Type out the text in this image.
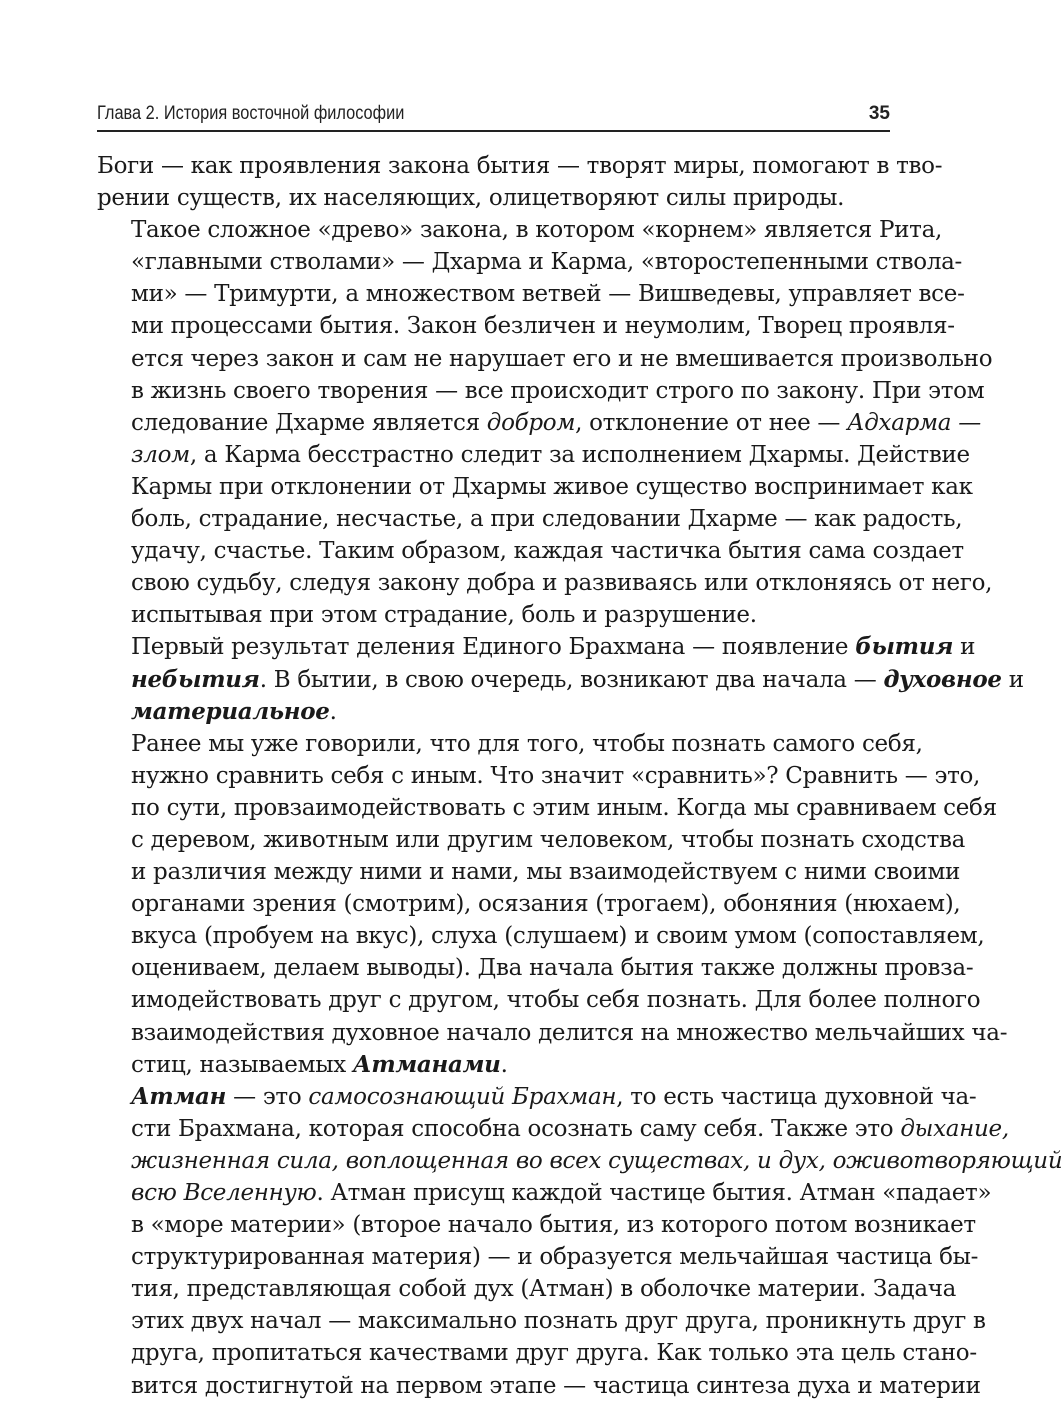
Глава 2. История восточной философии	35

Боги — как проявления закона бытия — творят миры, помогают в тво-
рении существ, их населяющих, олицетворяют силы природы.

Такое сложное «древо» закона, в котором «корнем» является Рита,
«главными стволами» — Дхарма и Карма, «второстепенными ствола-
ми» — Тримурти, а множеством ветвей — Вишведевы, управляет все-
ми процессами бытия. Закон безличен и неумолим, Творец проявля-
ется через закон и сам не нарушает его и не вмешивается произвольно
в жизнь своего творения — все происходит строго по закону. При этом
следование Дхарме является добром, отклонение от нее — Адхарма —
злом, а Карма бесстрастно следит за исполнением Дхармы. Действие
Кармы при отклонении от Дхармы живое существо воспринимает как
боль, страдание, несчастье, а при следовании Дхарме — как радость,
удачу, счастье. Таким образом, каждая частичка бытия сама создает
свою судьбу, следуя закону добра и развиваясь или отклоняясь от него,
испытывая при этом страдание, боль и разрушение.

Первый результат деления Единого Брахмана — появление бытия и
небытия. В бытии, в свою очередь, возникают два начала — духовное и
материальное.

Ранее мы уже говорили, что для того, чтобы познать самого себя,
нужно сравнить себя с иным. Что значит «сравнить»? Сравнить — это,
по сути, провзаимодействовать с этим иным. Когда мы сравниваем себя
с деревом, животным или другим человеком, чтобы познать сходства
и различия между ними и нами, мы взаимодействуем с ними своими
органами зрения (смотрим), осязания (трогаем), обоняния (нюхаем),
вкуса (пробуем на вкус), слуха (слушаем) и своим умом (сопоставляем,
оцениваем, делаем выводы). Два начала бытия также должны провза-
имодействовать друг с другом, чтобы себя познать. Для более полного
взаимодействия духовное начало делится на множество мельчайших ча-
стиц, называемых Атманами.

Атман — это самосознающий Брахман, то есть частица духовной ча-
сти Брахмана, которая способна осознать саму себя. Также это дыхание,
жизненная сила, воплощенная во всех существах, и дух, оживотворяющий
всю Вселенную. Атман присущ каждой частице бытия. Атман «падает»
в «море материи» (второе начало бытия, из которого потом возникает
структурированная материя) — и образуется мельчайшая частица бы-
тия, представляющая собой дух (Атман) в оболочке материи. Задача
этих двух начал — максимально познать друг друга, проникнуть друг в
друга, пропитаться качествами друг друга. Как только эта цель стано-
вится достигнутой на первом этапе — частица синтеза духа и материи
